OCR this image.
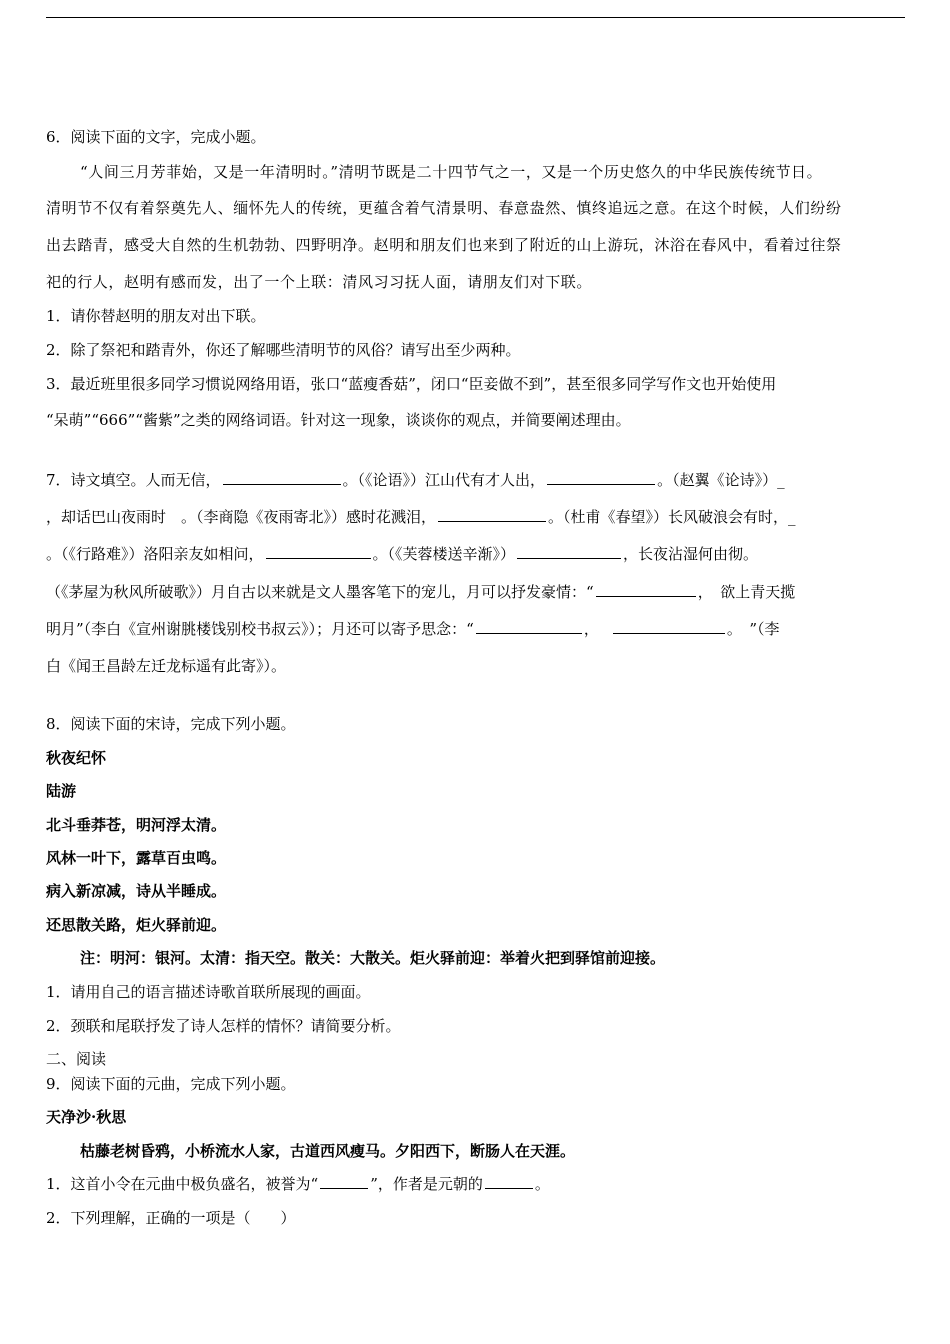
6．阅读下面的文字，完成小题。
“人间三月芳菲始，又是一年清明时。”清明节既是二十四节气之一，又是一个历史悠久的中华民族传统节日。
清明节不仅有着祭奠先人、缅怀先人的传统，更蕴含着气清景明、春意盎然、慎终追远之意。在这个时候，人们纷纷
出去踏青，感受大自然的生机勃勃、四野明净。赵明和朋友们也来到了附近的山上游玩，沐浴在春风中，看着过往祭
祀的行人，赵明有感而发，出了一个上联：清风习习抚人面，请朋友们对下联。
1．请你替赵明的朋友对出下联。
2．除了祭祀和踏青外，你还了解哪些清明节的风俗？请写出至少两种。
3．最近班里很多同学习惯说网络用语，张口“蓝瘦香菇”，闭口“臣妾做不到”，甚至很多同学写作文也开始使用
“呆萌”“666”“酱紫”之类的网络词语。针对这一现象，谈谈你的观点，并简要阐述理由。
7．诗文填空。人而无信，	。（《论语》）江山代有才人出，	。（赵翼《论诗》）_
，却话巴山夜雨时　。（李商隐《夜雨寄北》）感时花溅泪，	。（杜甫《春望》）长风破浪会有时，_
。（《行路难》）洛阳亲友如相问，	。（《芙蓉楼送辛渐》）	，长夜沾湿何由彻。
（《茅屋为秋风所破歌》）月自古以来就是文人墨客笔下的宠儿，月可以抒发豪情：“	，　欲上青天揽
明月”（李白《宣州谢朓楼饯别校书叔云》）；月还可以寄予思念：“	，	。　”（李
白《闻王昌龄左迁龙标遥有此寄》）。
8．阅读下面的宋诗，完成下列小题。
秋夜纪怀
陆游
北斗垂莽苍，明河浮太清。
风林一叶下，露草百虫鸣。
病入新凉减，诗从半睡成。
还思散关路，炬火驿前迎。
注：明河：银河。太清：指天空。散关：大散关。炬火驿前迎：举着火把到驿馆前迎接。
1．请用自己的语言描述诗歌首联所展现的画面。
2．颈联和尾联抒发了诗人怎样的情怀？请简要分析。
二、阅读
9．阅读下面的元曲，完成下列小题。
天净沙·秋思
枯藤老树昏鸦，小桥流水人家，古道西风瘦马。夕阳西下，断肠人在天涯。
1．这首小令在元曲中极负盛名，被誉为“	”，作者是元朝的	。
2．下列理解，正确的一项是（　　）
